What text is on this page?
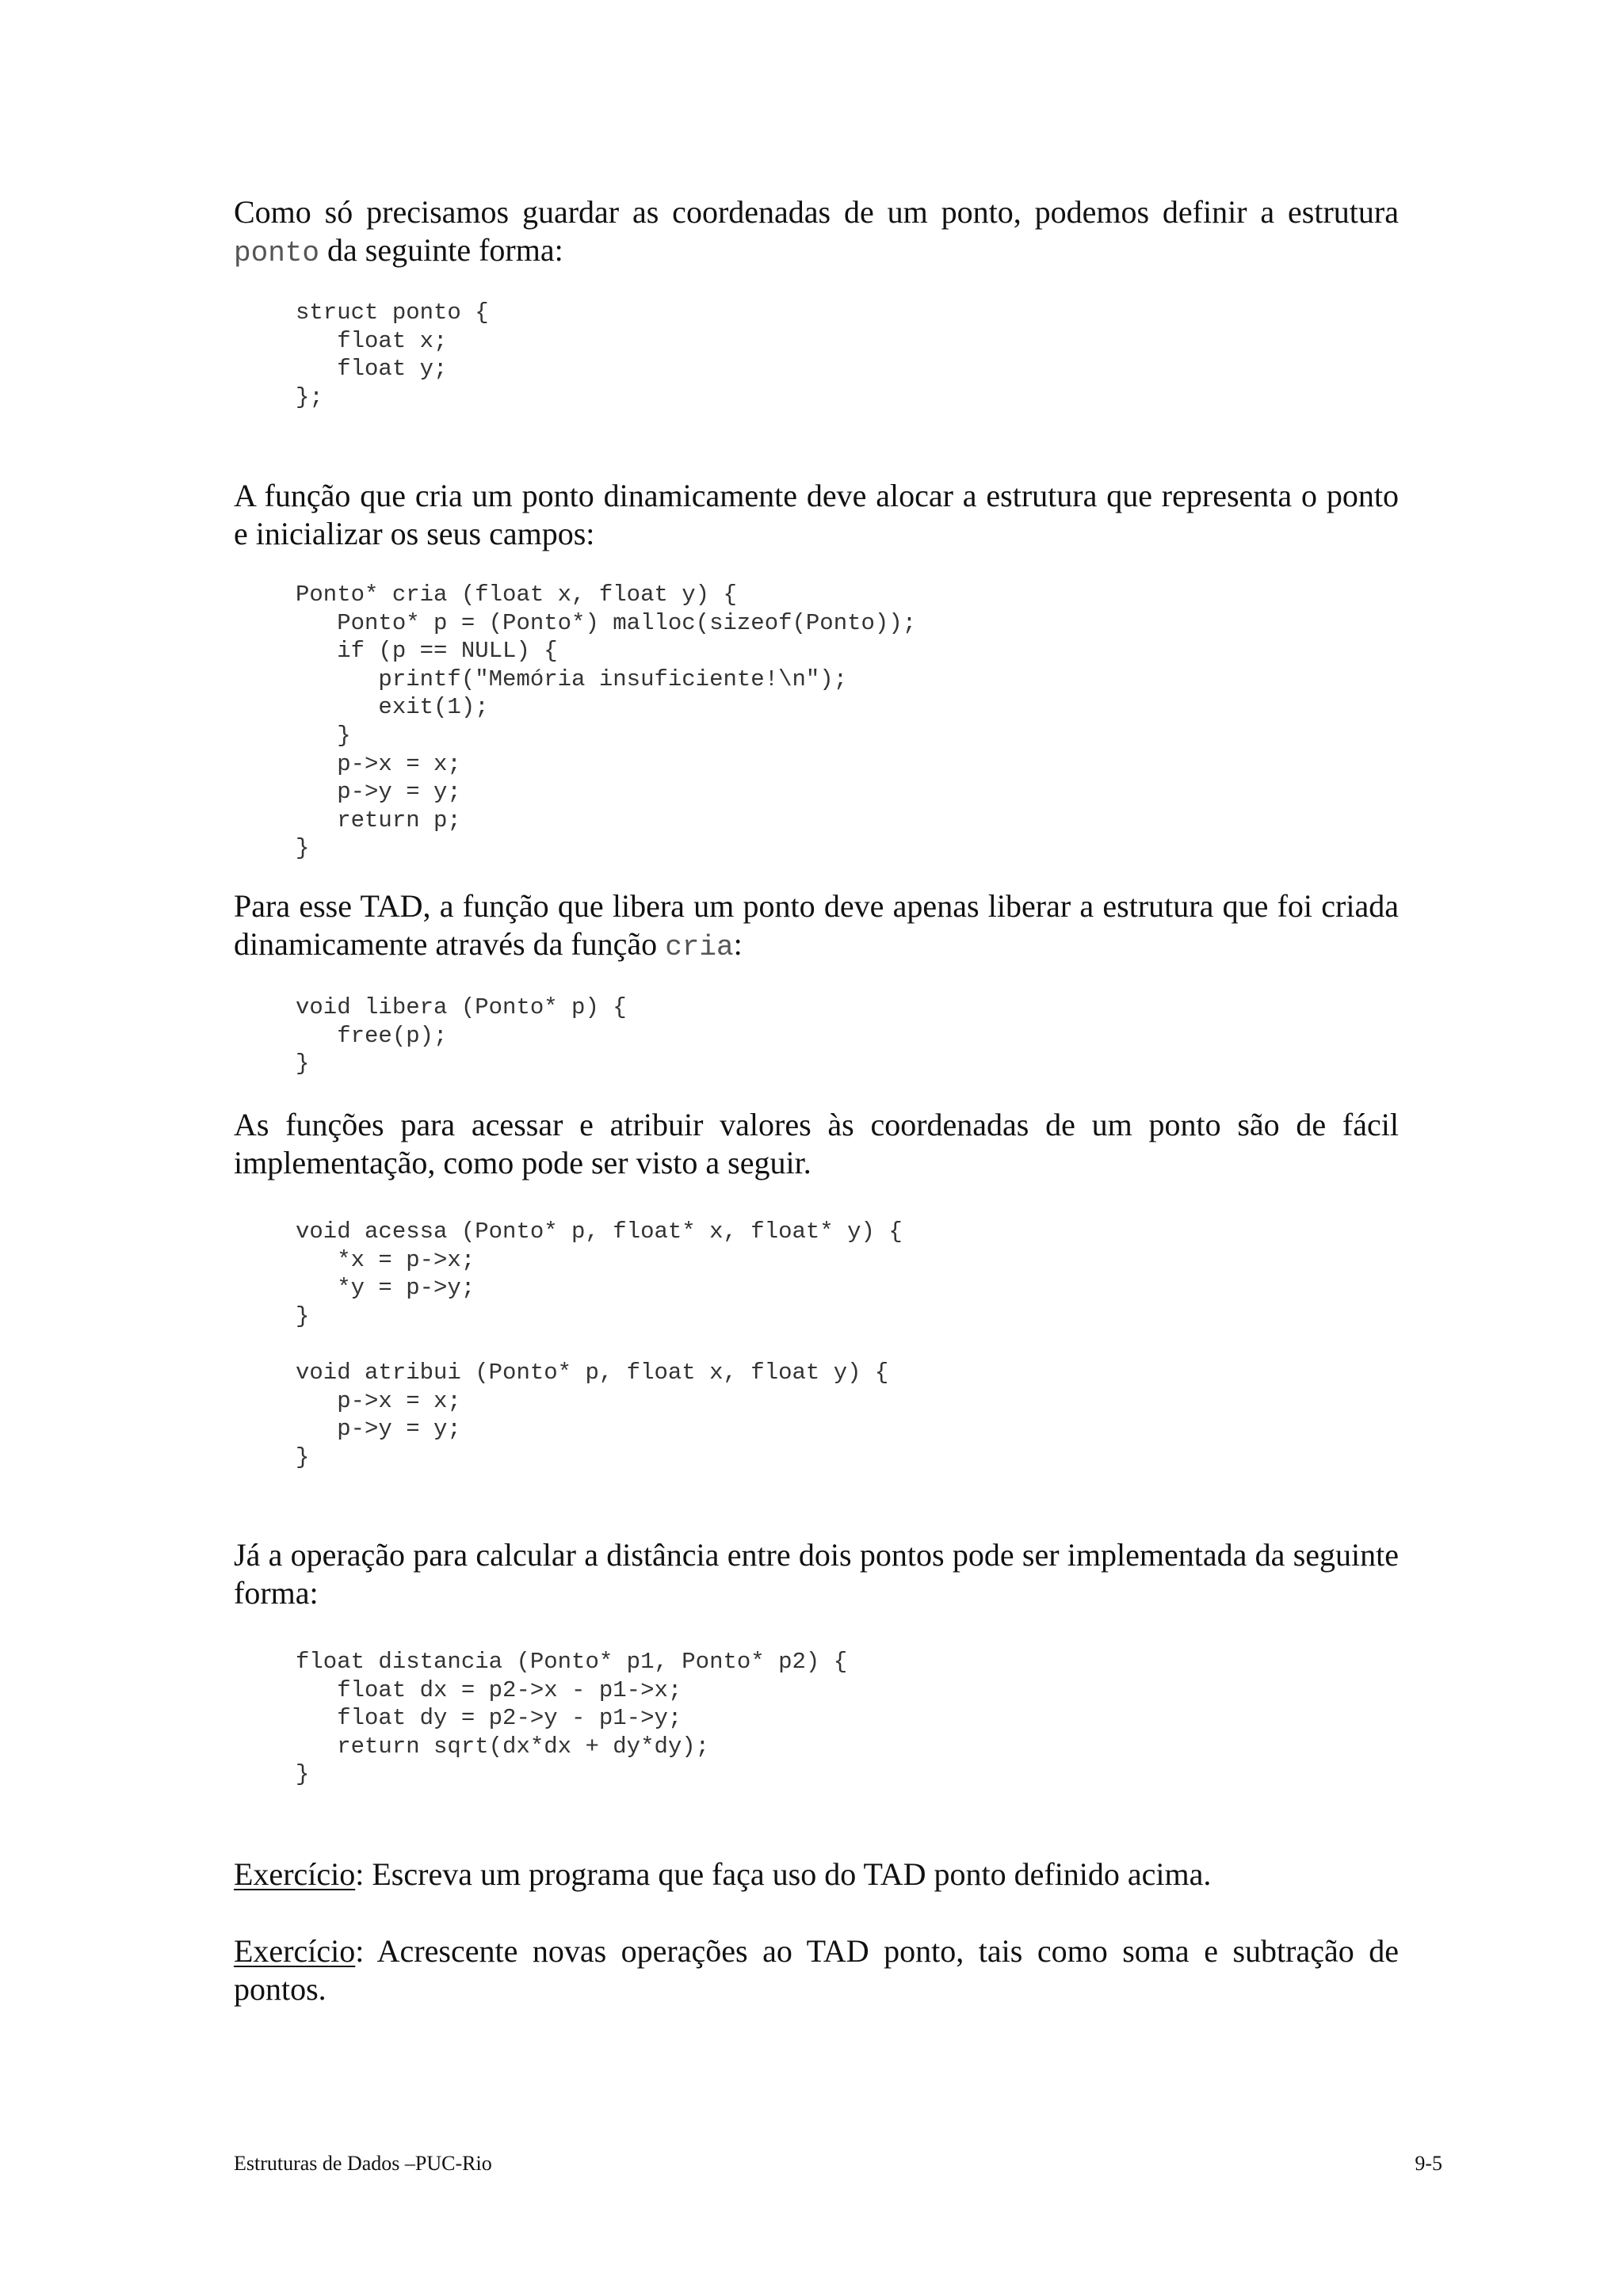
Como só precisamos guardar as coordenadas de um ponto, podemos definir a estrutura ponto da seguinte forma:

struct ponto {
float x;
float y;
};

A função que cria um ponto dinamicamente deve alocar a estrutura que representa o ponto e inicializar os seus campos:

Ponto* cria (float x, float y) {
Ponto* p = (Ponto*) malloc(sizeof(Ponto));
if (p == NULL) {
printf("Memória insuficiente!\n");
exit(1);
}
p->x = x;
p->y = y;
return p;
}

Para esse TAD, a função que libera um ponto deve apenas liberar a estrutura que foi criada dinamicamente através da função cria:

void libera (Ponto* p) {
free(p);
}

As funções para acessar e atribuir valores às coordenadas de um ponto são de fácil implementação, como pode ser visto a seguir.

void acessa (Ponto* p, float* x, float* y) {
*x = p->x;
*y = p->y;
}

void atribui (Ponto* p, float x, float y) {
p->x = x;
p->y = y;
}

Já a operação para calcular a distância entre dois pontos pode ser implementada da seguinte forma:

float distancia (Ponto* p1, Ponto* p2) {
float dx = p2->x - p1->x;
float dy = p2->y - p1->y;
return sqrt(dx*dx + dy*dy);
}

Exercício: Escreva um programa que faça uso do TAD ponto definido acima.

Exercício: Acrescente novas operações ao TAD ponto, tais como soma e subtração de pontos.

Estruturas de Dados –PUC-Rio	9-5
